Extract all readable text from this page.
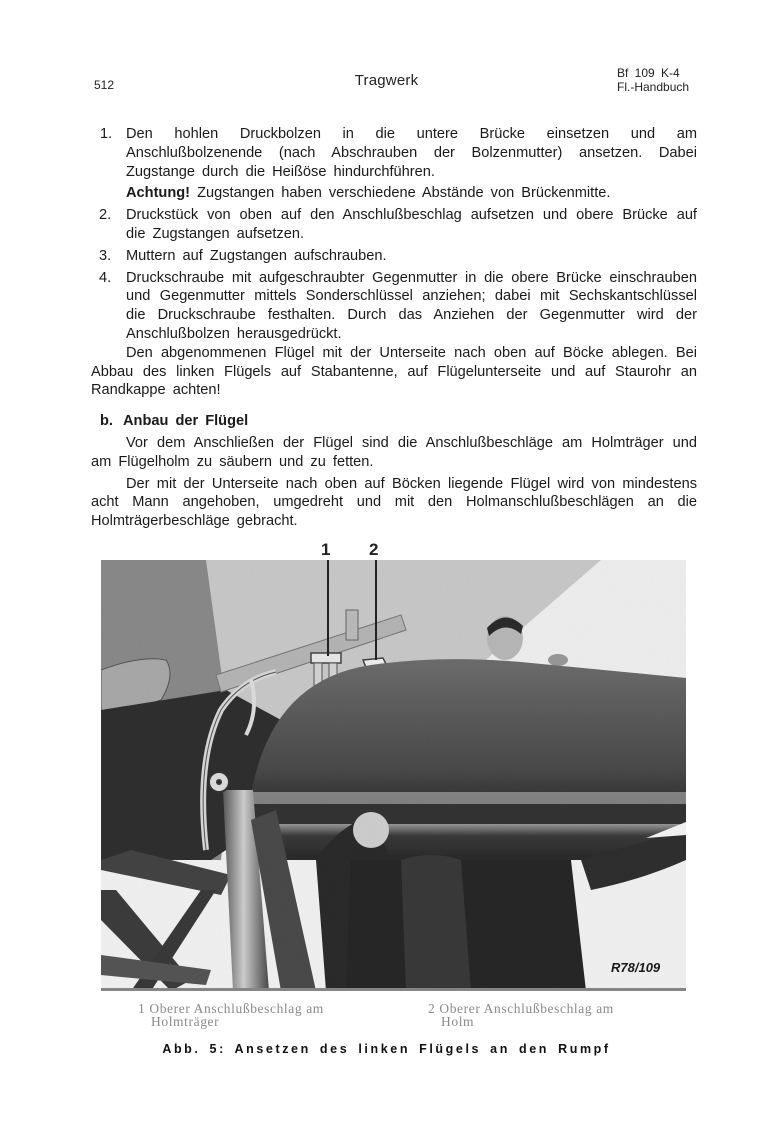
512	Tragwerk	Bf 109 K-4
Fl.-Handbuch
1. Den hohlen Druckbolzen in die untere Brücke einsetzen und am Anschlußbolzenende (nach Abschrauben der Bolzenmutter) ansetzen. Dabei Zugstange durch die Heißöse hindurchführen.
Achtung! Zugstangen haben verschiedene Abstände von Brückenmitte.
2. Druckstück von oben auf den Anschlußbeschlag aufsetzen und obere Brücke auf die Zugstangen aufsetzen.
3. Muttern auf Zugstangen aufschrauben.
4. Druckschraube mit aufgeschraubter Gegenmutter in die obere Brücke einschrauben und Gegenmutter mittels Sonderschlüssel anziehen; dabei mit Sechskantschlüssel die Druckschraube festhalten. Durch das Anziehen der Gegenmutter wird der Anschlußbolzen herausgedrückt.
Den abgenommenen Flügel mit der Unterseite nach oben auf Böcke ablegen. Bei Abbau des linken Flügels auf Stabantenne, auf Flügelunterseite und auf Staurohr an Randkappe achten!
b. Anbau der Flügel
Vor dem Anschließen der Flügel sind die Anschlußbeschläge am Holmträger und am Flügelholm zu säubern und zu fetten.
Der mit der Unterseite nach oben auf Böcken liegende Flügel wird von mindestens acht Mann angehoben, umgedreht und mit den Holmanschlußbeschlägen an die Holmträgerbeschläge gebracht.
1 2
R78/109
1 Oberer Anschlußbeschlag am
Holmträger
2 Oberer Anschlußbeschlag am
Holm
Abb. 5: Ansetzen des linken Flügels an den Rumpf
